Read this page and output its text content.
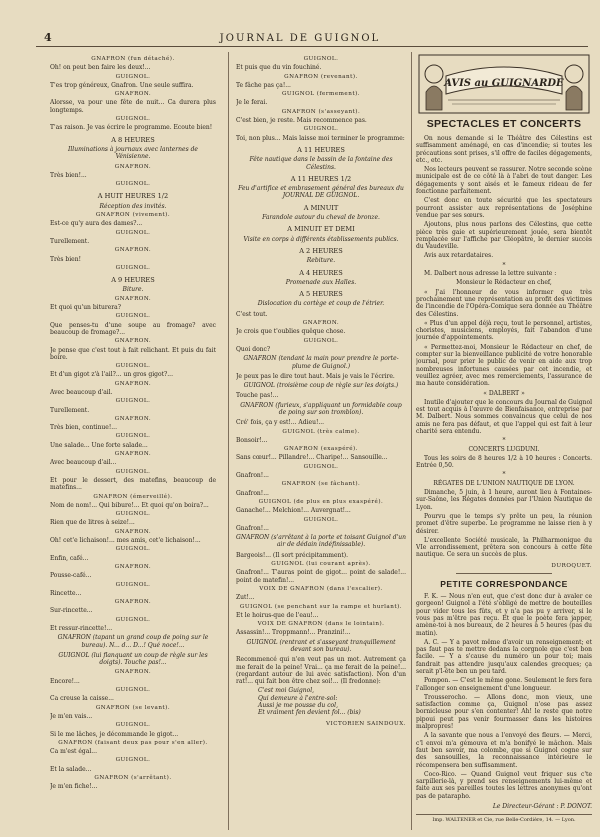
4	JOURNAL DE GUIGNOL

GNAFRON (fun détaché).

Oh! on peut ben faire les deux!...

GUIGNOL.

T'es trop généreux, Gnafron. Une seule suffira.

GNAFRON.

Alorsse, va pour une fête de nuit... Ca durera plus longtemps.

GUIGNOL.

T'as raison. Je vas écrire le programme. Ecoute bien!

A 8 HEURES

Illuminations à journaux avec lanternes de Vénisienne.

GNAFRON.

Très bien!...

GUIGNOL.

A HUIT HEURES 1/2

Réception des invités.

GNAFRON (vivement).

Est-ce qu'y aura des dames?...

GUIGNOL.

Turellement.

GNAFRON.

Très bien!

GUIGNOL.

A 9 HEURES

Biture.

GNAFRON.

Et quoi qu'un biturera?

GUIGNOL.

Que penses-tu d'une soupe au fromage? avec beaucoup de fromage?...

GNAFRON.

Je pense que c'est tout à fait relichant. Et puis du fait boire.

GUIGNOL.

Et d'un gigot z'à l'ail?... un gros gigot?...

GNAFRON.

Avec beaucoup d'ail.

GUIGNOL.

Turellement.

GNAFRON.

Très bien, continue!...

GUIGNOL.

Une salade... Une forte salade...

GNAFRON.

Avec beaucoup d'ail...

GUIGNOL.

Et pour le dessert, des matefins, beaucoup de matefins...

GNAFRON (émerveillé).

Nom de nom!... Qui bibure!... Et quoi qu'on boira?...

GUIGNOL.

Rien que de litres à seize!...

GNAFRON.

Oh! cet'e lichaison!... mes amis, cet'e lichaison!...

GUIGNOL.

Enfin, café...

GNAFRON.

Pousse-café...

GUIGNOL.

Rincette...

GNAFRON.

Sur-rincette...

GUIGNOL.

Et ressur-rincette!...

GNAFRON (tapant un grand coup de poing sur le bureau). N... d... D...! Qué noce!...

GUIGNOL (lui flanquant un coup de règle sur les doigts). Touche pas!...

GNAFRON.

Encore!...

GUIGNOL.

Ca creuse la caisse...

GNAFRON (se levant).

Je m'en vais...

GUIGNOL.

Si le me lâches, je décommande le gigot...

GNAFRON (faisant deux pas pour s'en aller).

Ca m'est égal...

GUIGNOL.

Et la salade...

GNAFRON (s'arrêtant).

Je m'en fiche!...

GUIGNOL.

Et puis que du vin fouchiné.

GNAFRON (revenant).

Te fâche pas ça!...

GUIGNOL (fermement).

Je le ferai.

GNAFRON (s'asseyant).

C'est bien, je reste. Mais recommence pas.

GUIGNOL.

Toi, non plus... Mais laisse moi terminer le programme:

A 11 HEURES

Fête nautique dans le bassin de la fontaine des Célestins.

A 11 HEURES 1/2

Feu d'artifice et embrasement général des bureaux du JOURNAL DE GUIGNOL.

A MINUIT

Farandole autour du cheval de bronze.

A MINUIT ET DEMI

Visite en corps à différents établissements publics.

A 2 HEURES

Rebiture.

A 4 HEURES

Promenade aux Halles.

A 5 HEURES

Dislocation du cortège et coup de l'étrier.

C'est tout.

GNAFRON.

Je crois que t'oublies quêque chose.

GUIGNOL.

Quoi donc?

GNAFRON (tendant la main pour prendre le porte-plume de Guignol.)

Je peux pas le dire tout haut. Mais je vais le l'écrire.

GUIGNOL (troisième coup de règle sur les doigts.)

Touche pas!...

GNAFRON (furieux, s'appliquant un formidable coup de poing sur son tromblon).

Cré' fois, ça y est!... Adieu!...

GUIGNOL (très calme).

Bonsoir!...

GNAFRON (exaspéré).

Sans cœur!... Pillandre!... Charipe!... Sansouille...

GUIGNOL.

Gnafron!...

GNAFRON (se fâchant).

Gnafron!...

GUIGNOL (de plus en plus exaspéré).

Ganache!... Melchion!... Auvergnat!...

GUIGNOL.

Gnafron!...

GNAFRON (s'arrêtant à la porte et toisant Guignol d'un air de dédain indéfinissable).

Bargeois!... (Il sort précipitamment).

GUIGNOL (lui courant après).

Gnafron!... T'auras point de gigot... point de salade!... point de matefin!...

VOIX DE GNAFRON (dans l'escalier).

Zut!...

GUIGNOL (se penchant sur la rampe et hurlant).

Et le hoirus-que de l'eau!...

VOIX DE GNAFRON (dans le lointain).

Assassin!... Troppmann!... Pranzini!...

GUIGNOL (rentrant et s'asseyant tranquillement devant son bureau).

Recommencé qui n'en veut pas un mot. Autrement ça me ferait de la peine! Vrai... ça me ferait de la peine!... (regardant autour de lui avec satisfaction). Non d'un rat!... qui fait bon être chez soi!... (Il fredonne):

C'est moi Guignol,

Qui demeure à l'entre-sol:

Aussi je me pousse du col,

Et vraiment fen devient fol... (bis)

VICTORIEN SAINDOUX.

AVIS au GUIGNARDE
SPECTACLES ET CONCERTS

On nous demande si le Théâtre des Célestins est suffisamment aménagé, en cas d'incendie; si toutes les précautions sont prises, s'il offre de faciles dégagements, etc., etc.

Nos lecteurs peuvent se rassurer. Notre seconde scène municipale est de ce côté là à l'abri de tout danger. Les dégagements y sont aisés et le fameux rideau de fer fonctionne parfaitement.

C'est donc en toute sécurité que les spectateurs pourront assister aux représentations de Joséphine vendue par ses sœurs.

Ajoutons, plus nous parlons des Célestins, que cette pièce très gaie et supérieurement jouée, sera bientôt remplacée sur l'affiche par Cléopâtre, le dernier succès du Vaudeville.

Avis aux retardataires.

*

M. Dalbert nous adresse la lettre suivante :

Monsieur le Rédacteur en chef,

« J'ai l'honneur de vous informer que très prochainement une représentation au profit des victimes de l'incendie de l'Opéra-Comique sera donnée au Théâtre des Célestins.

« Plus d'un appel déjà reçu, tout le personnel, artistes, choristes, musiciens, employés, fait l'abandon d'une journée d'appointements.

« Permettez-moi, Monsieur le Rédacteur en chef, de compter sur la bienveillance publicité de votre honorable journal, pour prier le public de venir en aide aux trop nombreuses infortunes causées par cet incendie, et veuillez agréer, avec mes remerciements, l'assurance de ma haute considération.

« DALBERT »

Inutile d'ajouter que le concours du Journal de Guignol est tout acquis à l'œuvre de Bienfaisance, entreprise par M. Dalbert. Nous sommes convaincus que celui de nos amis ne fera pas défaut, et que l'appel qui est fait à leur charité sera entendu.

*

CONCERTS LUGDUNI.

Tous les soirs de 8 heures 1/2 à 10 heures : Concerts. Entrée 0,50.

*

RÉGATES DE L'UNION NAUTIQUE DE LYON.

Dimanche, 5 juin, à 1 heure, auront lieu à Fontaines-sur-Saône, les Régates données par l'Union Nautique de Lyon.

Pourvu que le temps s'y prête un peu, la réunion promet d'être superbe. Le programme ne laisse rien à y désirer.

L'excellente Société musicale, la Philharmonique du VIe arrondissement, prêtera son concours à cette fête nautique. Ce sera un succès de plus.

DUROQUET.

PETITE CORRESPONDANCE

F. K. — Nous n'en eut, que c'est donc dur à avaler ce gorgeon! Guignol a l'été s'obligé de mettre de bouteilles pour vider tous les fûts, et y n'a pas pu y arriver, si le vous pas m'être pas reçu. Et que le poète fera japper, amène-toi à nos bureaux, de 2 heures à 5 heures (pas du matin).

A. C. — Y a pavot même d'avoir un renseignement; et pas faut pas te mettre dedans la corgnole que c'est bon facile. — Y a s'cause du numéro un pour toi; mais fandrait pas attendre jusqu'aux calendes grecques; ça serait p'l-ête ben un peu tard.

Pompon. — C'est le même gone. Seulement le fers fera l'allonger son enseignement d'une longueur.

Trousserocho. — Allons donc, mon vieux, une satisfaction comme ça, Guignol n'ose pas assez bornicleuse pour s'en contenter! Ah! le reste que notre pipoui peut pas venir fourmasser dans les histoires malpropres!

A la savante que nous a l'envoyé des fleurs. — Merci, c'l envoi m'a gémouva et m'a bonifyé le mâchon. Mais faut ben savoir, ma colombe, que si Guignol cogne sur des sansouilles, la reconnaissance intérieure le récompensera ben suffisamment.

Coco-Rico. — Quand Guignol veut friquer sus c'te sarpillerie-là, y prend ses renseignements lui-même et faite aux ses pareilles toutes les lettres anonymes qu'ont pas de patarapho.

Le Directeur-Gérant : P. DONOT.

Imp. WALTENER et Cie, rue Belle-Cordière, 14. — Lyon.
